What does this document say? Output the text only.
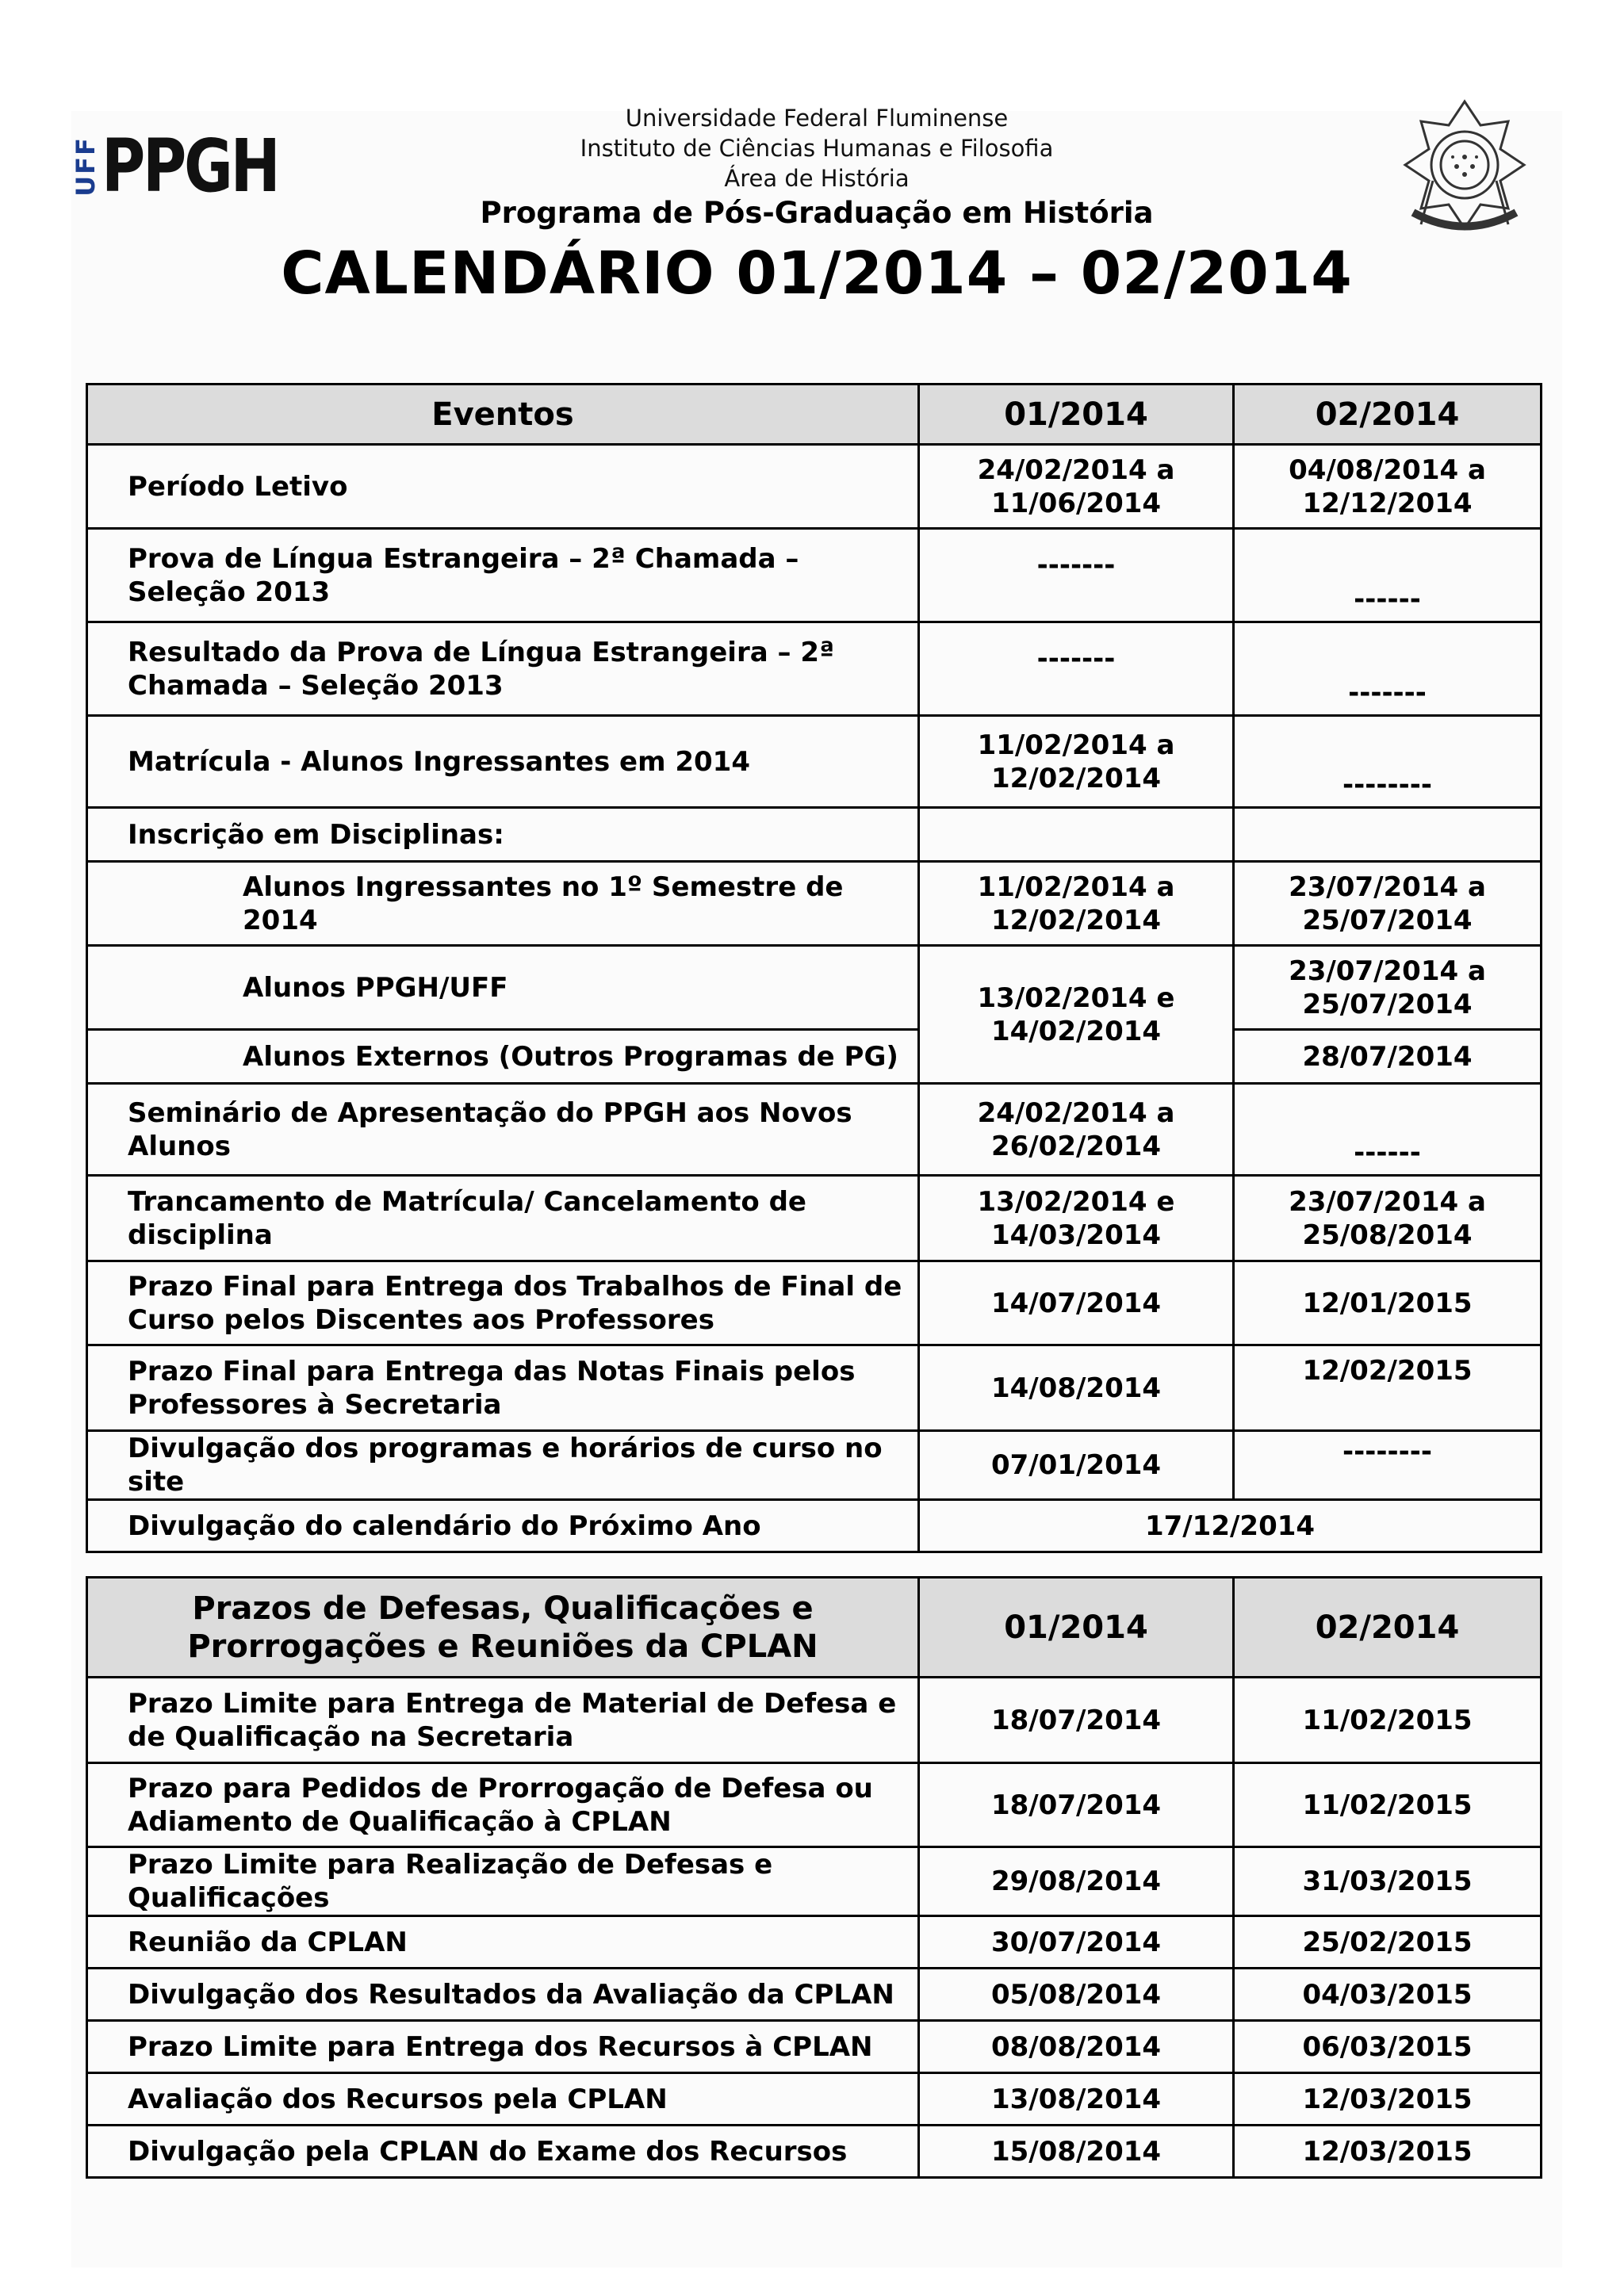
UFF PPGH
Universidade Federal Fluminense
Instituto de Ciências Humanas e Filosofia
Área de História
Programa de Pós-Graduação em História
CALENDÁRIO 01/2014 – 02/2014
Eventos	01/2014	02/2014
Período Letivo	24/02/2014 a 11/06/2014	04/08/2014 a 12/12/2014
Prova de Língua Estrangeira – 2ª Chamada – Seleção 2013	-------	------
Resultado da Prova de Língua Estrangeira – 2ª Chamada – Seleção 2013	-------	-------
Matrícula - Alunos Ingressantes em 2014	11/02/2014 a 12/02/2014	--------
Inscrição em Disciplinas:		
Alunos Ingressantes no 1º Semestre de 2014	11/02/2014 a 12/02/2014	23/07/2014 a 25/07/2014
Alunos PPGH/UFF	13/02/2014 e 14/02/2014	23/07/2014 a 25/07/2014
Alunos Externos (Outros Programas de PG)		28/07/2014
Seminário de Apresentação do PPGH aos Novos Alunos	24/02/2014 a 26/02/2014	------
Trancamento de Matrícula/ Cancelamento de disciplina	13/02/2014 e 14/03/2014	23/07/2014 a 25/08/2014
Prazo Final para Entrega dos Trabalhos de Final de Curso pelos Discentes aos Professores	14/07/2014	12/01/2015
Prazo Final para Entrega das Notas Finais pelos Professores à Secretaria	14/08/2014	12/02/2015
Divulgação dos programas e horários de curso no site	07/01/2014	--------
Divulgação do calendário do Próximo Ano	17/12/2014	
Prazos de Defesas, Qualificações e Prorrogações e Reuniões da CPLAN	01/2014	02/2014
Prazo Limite para Entrega de Material de Defesa e de Qualificação na Secretaria	18/07/2014	11/02/2015
Prazo para Pedidos de Prorrogação de Defesa ou Adiamento de Qualificação à CPLAN	18/07/2014	11/02/2015
Prazo Limite para Realização de Defesas e Qualificações	29/08/2014	31/03/2015
Reunião da CPLAN	30/07/2014	25/02/2015
Divulgação dos Resultados da Avaliação da CPLAN	05/08/2014	04/03/2015
Prazo Limite para Entrega dos Recursos à CPLAN	08/08/2014	06/03/2015
Avaliação dos Recursos pela CPLAN	13/08/2014	12/03/2015
Divulgação pela CPLAN do Exame dos Recursos	15/08/2014	12/03/2015
